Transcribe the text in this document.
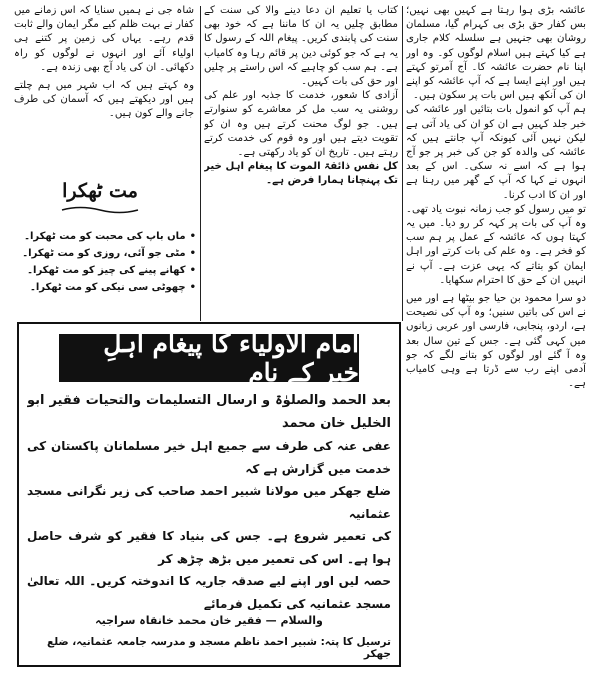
عائشہ بڑی ہوا رہتا ہے کہیں بھی نہیں؛ بس کفار حق بڑی بی کہرام گیا، مسلمان روشان بھی جنہیں ہے سلسلہ کلام جاری ہے کیا کہتے ہیں اسلام لوگوں کو۔ وہ اور اپنا نام حضرت عائشہ کا۔ آج آمرتو کہتے ہیں اور اپنے ایسا ہے کہ آپ عائشہ کو اپنے ان کی آنکھ ہیں اس بات پر سکون ہیں۔

ہم آپ کو انمول بات بتائیں اور عائشہ کی خبر جلد کہیں ہے ان کو ان کی یاد آتی ہے لیکن نہیں آئی کیونکہ آپ جانتے ہیں کہ عائشہ کی والدہ کو جن کی خبر پر جو آج ہوا ہے کہ اسے نہ سکی۔ اس کے بعد انہوں نے کہا کہ آپ کے گھر میں رہنا ہے اور ان کا ادب کرنا۔

تو میں رسول کو جب زمانہ نبوت یاد تھی۔ وہ آپ کی بات پر کہہ کر رو دیا۔ میں یہ کہتا ہوں کہ عائشہ کے عمل پر ہم سب کو فخر ہے۔ وہ علم کی بات کرتے اور اہل ایمان کو بتاتے کہ یہی عزت ہے۔ آپ نے انہیں ان کے حق کا احترام سکھایا۔

دو سرا محمود بن حیا جو بیٹھا ہے اور میں نے اس کی باتیں سنیں؛ وہ آپ کی نصیحت ہے، اردو، پنجابی، فارسی اور عربی زبانوں میں کہی گئی ہے۔ جس کے تین سال بعد وہ آ گئے اور لوگوں کو بتانے لگے کہ جو آدمی اپنے رب سے ڈرتا ہے وہی کامیاب ہے۔

کتاب یا تعلیم ان دعا دینے والا کی سنت کے مطابق چلیں یہ ان کا ماننا ہے کہ خود بھی سنت کی پابندی کریں۔ پیغام اللہ کے رسول کا یہ ہے کہ جو کوئی دین پر قائم رہا وہ کامیاب ہے۔ ہم سب کو چاہیے کہ اس راستے پر چلیں اور حق کی بات کہیں۔

آزادی کا شعور، خدمت کا جذبہ اور علم کی روشنی یہ سب مل کر معاشرے کو سنوارتے ہیں۔ جو لوگ محنت کرتے ہیں وہ ان کو تقویت دیتے ہیں اور وہ قوم کی خدمت کرتے رہتے ہیں۔ تاریخ ان کو یاد رکھتی ہے۔

کل نفس ذائقۃ الموت کا پیغام اہل خیر تک پہنچانا ہمارا فرض ہے۔

شاہ جی نے ہمیں سنایا کہ اس زمانے میں کفار نے بہت ظلم کیے مگر ایمان والے ثابت قدم رہے۔ یہاں کی زمین پر کتنے ہی اولیاء آئے اور انہوں نے لوگوں کو راہ دکھائی۔ ان کی یاد آج بھی زندہ ہے۔

وہ کہتے ہیں کہ اب شہر میں ہم چلتے ہیں اور دیکھتے ہیں کہ آسمان کی طرف جانے والے کون ہیں۔

مت ٹھکرا
• ماں باپ کی محبت کو مت ٹھکرا۔
• مٹی جو آئی، روزی کو مت ٹھکرا۔
• کھانے پینے کی چیز کو مت ٹھکرا۔
• چھوٹی سی نیکی کو مت ٹھکرا۔
امام الاولیاء کا پیغام اہلِ خیر کے نام

بعد الحمد والصلوٰۃ و ارسال التسلیمات والتحیات فقیر ابو الخلیل خان محمد

عفی عنہ کی طرف سے جمیع اہل خیر مسلمانان پاکستان کی خدمت میں گزارش ہے کہ

ضلع جھکر میں مولانا شبیر احمد صاحب کی زیر نگرانی مسجد عثمانیہ

کی تعمیر شروع ہے۔ جس کی بنیاد کا فقیر کو شرف حاصل ہوا ہے۔ اس کی تعمیر میں بڑھ چڑھ کر

حصہ لیں اور اپنے لیے صدقہ جاریہ کا اندوختہ کریں۔ اللہ تعالیٰ مسجد عثمانیہ کی تکمیل فرمائے

والسلام — فقیر خان محمد خانقاہ سراجیہ
ترسیل کا پتہ: شبیر احمد ناظم مسجد و مدرسہ جامعہ عثمانیہ، ضلع جھکر
